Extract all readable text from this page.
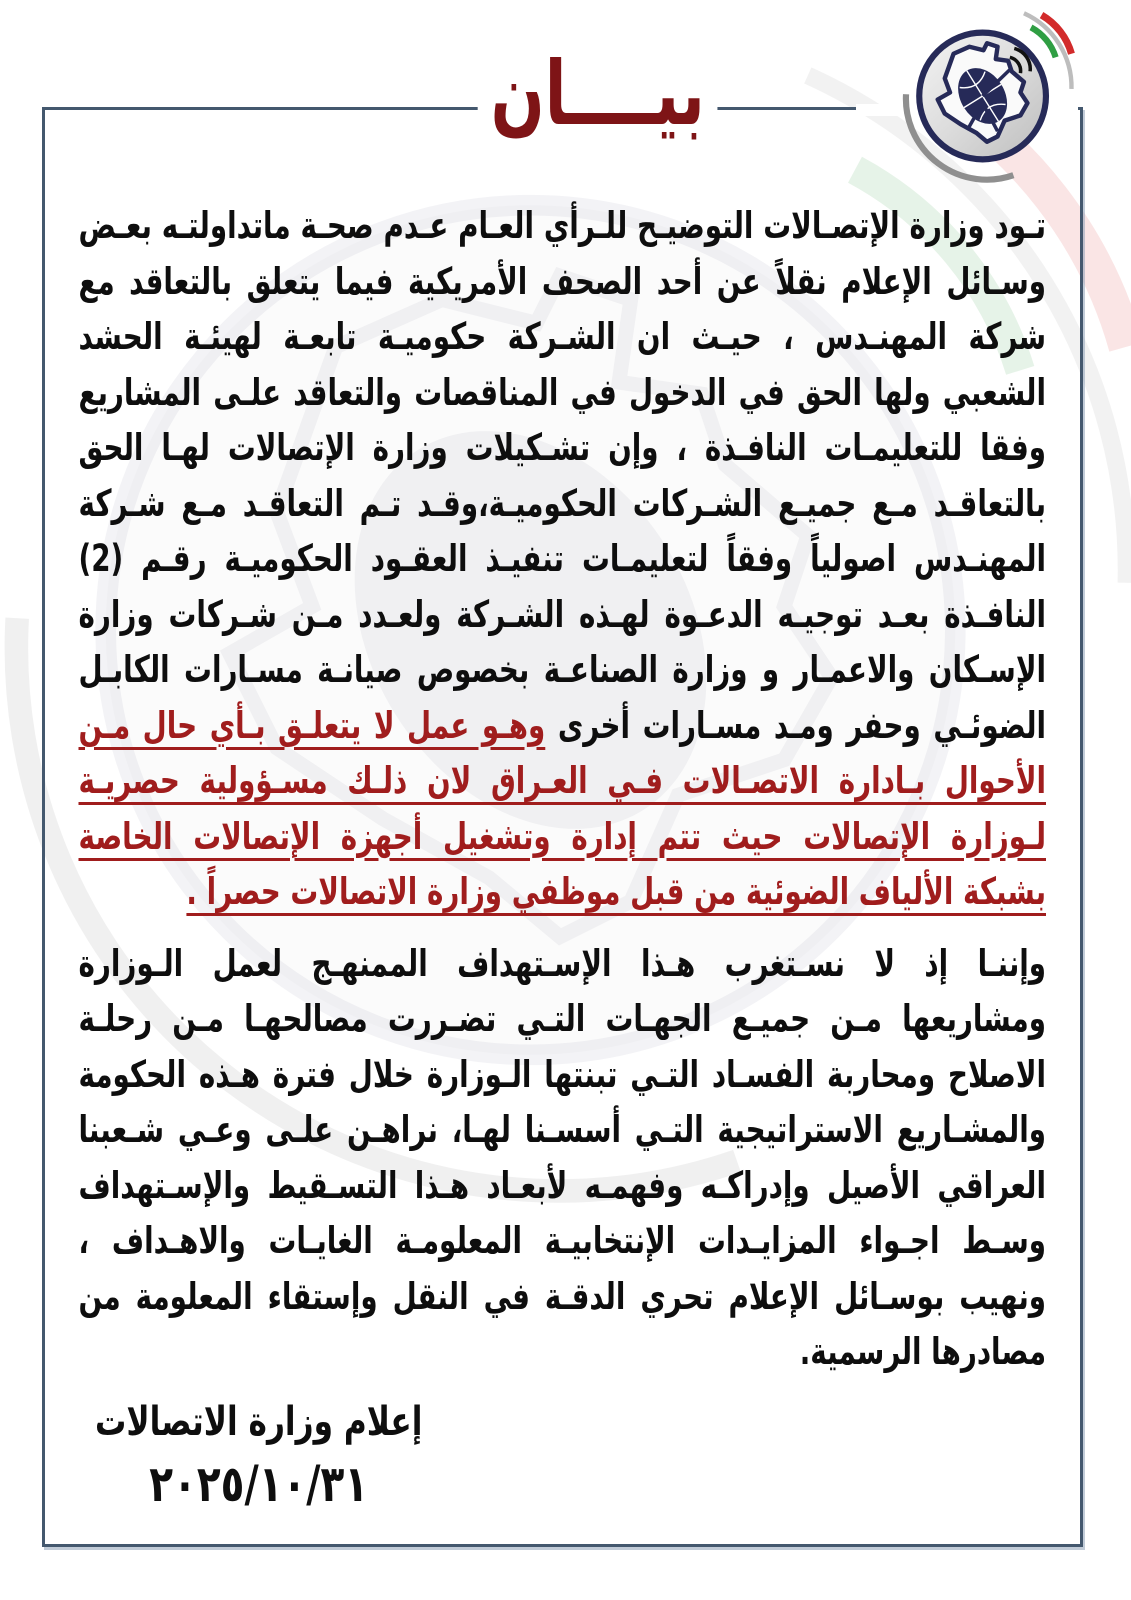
بيــــان
تـود وزارة الإتصـالات التوضيـح للـرأي العـام عـدم صحـة ماتداولتـه بعـض
وسـائل الإعلام نقلاً عن أحد الصحف الأمريكية فيما يتعلق بالتعاقد مع
شركة المهنـدس ، حيـث ان الشـركة حكوميـة تابعـة لهيئـة الحشد
الشعبي ولها الحق في الدخول في المناقصات والتعاقد علـى المشاريع
وفقا للتعليمـات النافـذة ، وإن تشـكيلات وزارة الإتصالات لهـا الحق
بالتعاقـد مـع جميـع الشـركات الحكوميـة،وقـد تـم التعاقـد مـع شـركة
المهنـدس اصولياً وفقاً لتعليمـات تنفيـذ العقـود الحكوميـة رقـم (2)
النافـذة بعـد توجيـه الدعـوة لهـذه الشـركة ولعـدد مـن شـركات وزارة
الإسـكان والاعمـار و وزارة الصناعـة بخصوص صيانـة مسـارات الكابـل
الضوئـي وحفر ومـد مسـارات أخرى وهـو عمل لا يتعلـق بـأي حال مـن
الأحوال بـادارة الاتصـالات فـي العـراق لان ذلـك مسـؤولية حصريـة
لـوزارة الإتصالات حيث تتم إدارة وتشغيل أجهزة الإتصالات الخاصة
بشبكة الألياف الضوئية من قبل موظفي وزارة الاتصالات حصراً .
وإننـا إذ لا نسـتغرب هـذا الإسـتهداف الممنهـج لعمل الـوزارة
ومشاريعها مـن جميـع الجهـات التـي تضـررت مصالحهـا مـن رحلـة
الاصلاح ومحاربة الفسـاد التـي تبنتها الـوزارة خلال فترة هـذه الحكومة
والمشـاريع الاستراتيجية التـي أسسـنا لهـا، نراهـن علـى وعـي شـعبنا
العراقي الأصيل وإدراكـه وفهمـه لأبعـاد هـذا التسـقيط والإسـتهداف
وسـط اجـواء المزايـدات الإنتخابيـة المعلومـة الغايـات والاهـداف ،
ونهيب بوسـائل الإعلام تحري الدقـة في النقل وإستقاء المعلومة من
مصادرها الرسمية.
إعلام وزارة الاتصالات
٢٠٢٥/١٠/٣١
